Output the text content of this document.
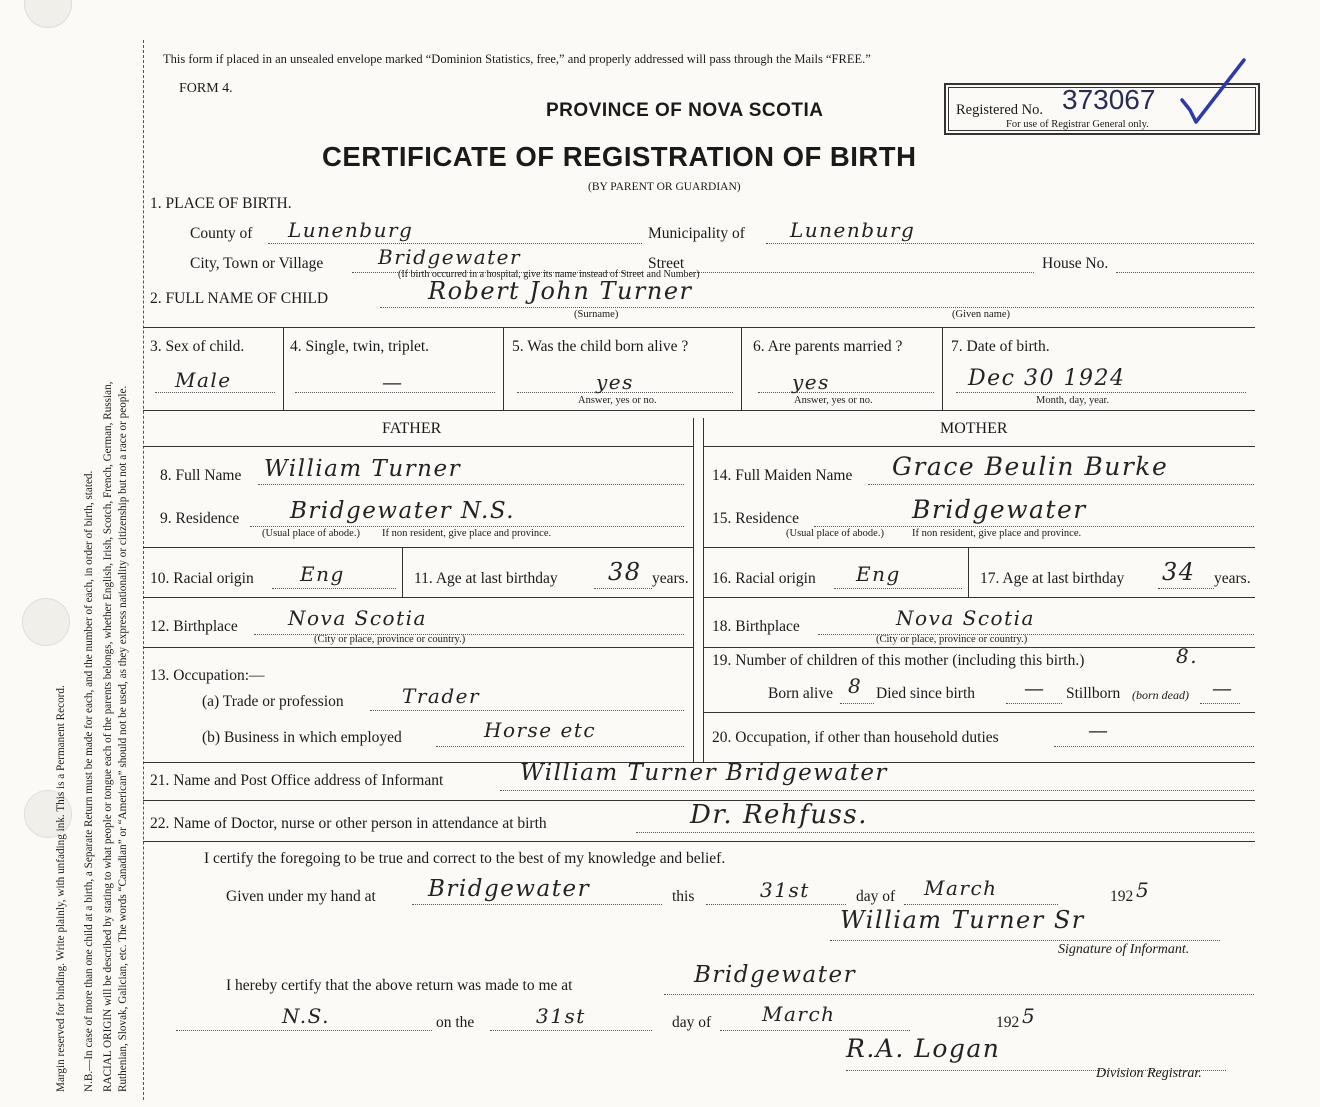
Margin reserved for binding. Write plainly, with unfading ink. This is a Permanent Record. N.B.—In case of more than one child at a birth, a Separate Return must be made for each, and the number of each, in order of birth, stated. RACIAL ORIGIN will be described by stating to what people or tongue each of the parents belongs, whether English, Irish, Scotch, French, German, Russian, Ruthenian, Slovak, Galician, etc. The words “Canadian” or “American” should not be used, as they express nationality or citizenship but not a race or people.
This form if placed in an unsealed envelope marked “Dominion Statistics, free,” and properly addressed will pass through the Mails “FREE.”
FORM 4.
PROVINCE OF NOVA SCOTIA
CERTIFICATE OF REGISTRATION OF BIRTH
(BY PARENT OR GUARDIAN)
Registered No. 373067
For use of Registrar General only.
1. PLACE OF BIRTH.
County of Lunenburg	Municipality of Lunenburg
City, Town or Village	Bridgewater	Street
(If birth occurred in a hospital, give its name instead of Street and Number)
House No.
2. FULL NAME OF CHILD	Robert John Turner
(Surname)	(Given name)
3. Sex of child.
Male
4. Single, twin, triplet.
—
5. Was the child born alive ?
yes
Answer, yes or no.
6. Are parents married ?
yes
Answer, yes or no.
7. Date of birth.
Dec 30 1924
Month, day, year.
FATHER
8. Full Name William Turner
9. Residence Bridgewater N.S.
(Usual place of abode.) If non resident, give place and province.
10. Racial origin Eng	11. Age at last birthday 38 years.
12. Birthplace	Nova Scotia
(City or place, province or country.)
13. Occupation:—
(a) Trade or profession	Trader
(b) Business in which employed	Horse etc
MOTHER
14. Full Maiden Name Grace Beulin Burke
15. Residence	Bridgewater
(Usual place of abode.)	If non resident, give place and province.
16. Racial origin Eng	17. Age at last birthday 34 years.
18. Birthplace	Nova Scotia
(City or place, province or country.)
19. Number of children of this mother (including this birth.)	8.
Born alive 8 Died since birth — Stillborn (born dead) —
20. Occupation, if other than household duties	—
21. Name and Post Office address of Informant	William Turner Bridgewater
22. Name of Doctor, nurse or other person in attendance at birth	Dr. Rehfuss.
I certify the foregoing to be true and correct to the best of my knowledge and belief.
Given under my hand at Bridgewater	this	31st	day of March	192 5
William Turner Sr
Signature of Informant.
I hereby certify that the above return was made to me at	Bridgewater
N.S.	on the	31st	day of	March	192 5
R.A. Logan
Division Registrar.
